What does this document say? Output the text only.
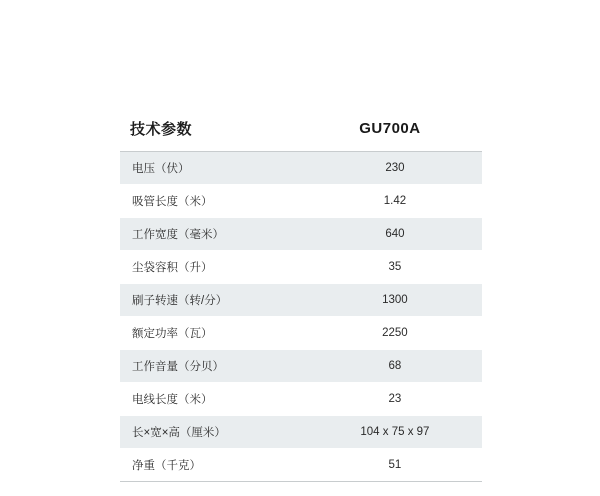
技术参数	GU700A
电压（伏）	230
吸管长度（米）	1.42
工作宽度（毫米）	640
尘袋容积（升）	35
刷子转速（转/分）	1300
额定功率（瓦）	2250
工作音量（分贝）	68
电线长度（米）	23
长×宽×高（厘米）	104 x 75 x 97
净重（千克）	51
